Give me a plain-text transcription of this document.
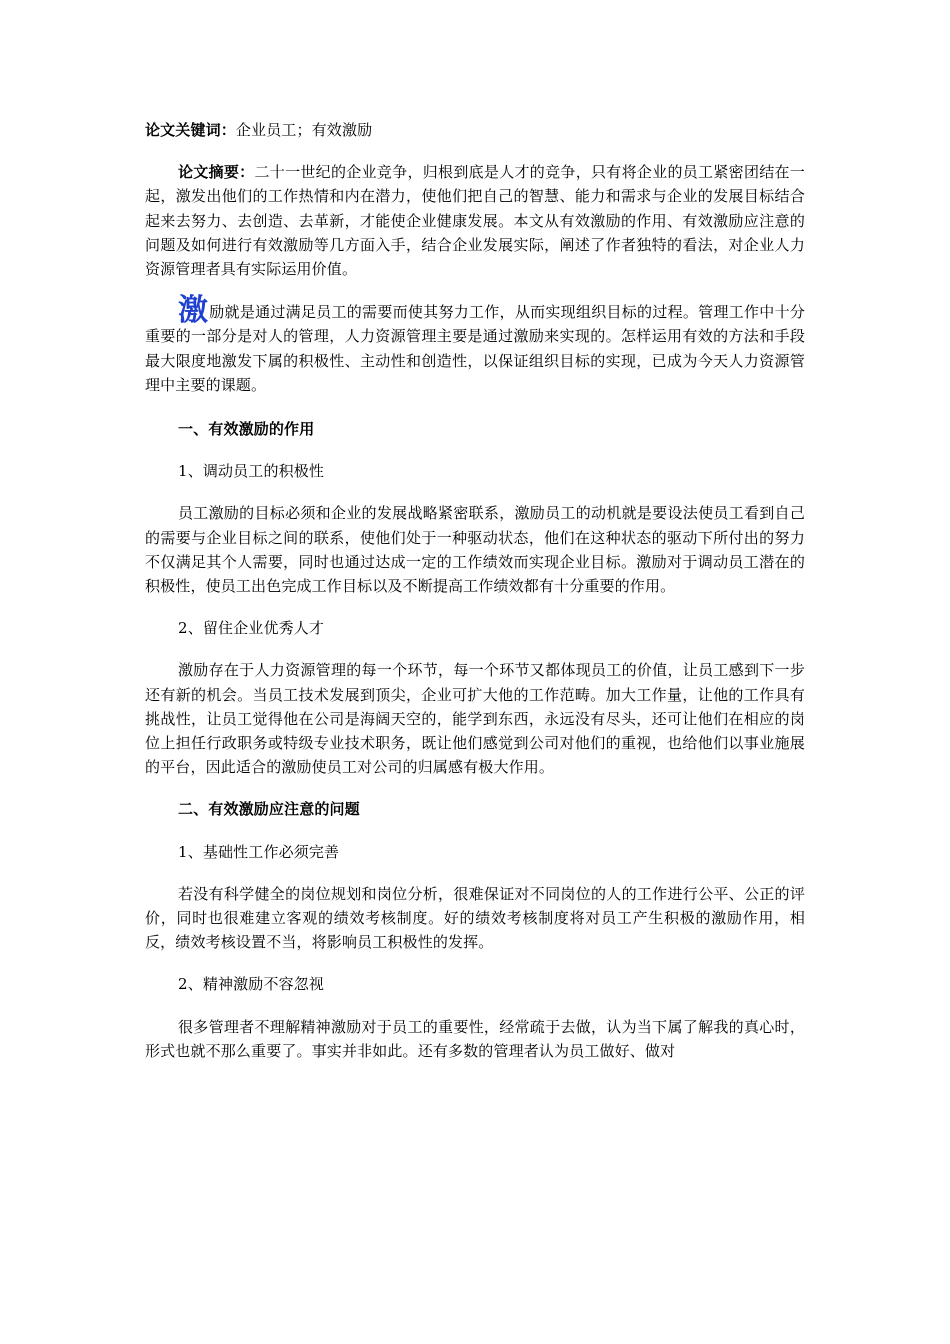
论文关键词：企业员工；有效激励

论文摘要：二十一世纪的企业竞争，归根到底是人才的竞争，只有将企业的员工紧密团结在一起，激发出他们的工作热情和内在潜力，使他们把自己的智慧、能力和需求与企业的发展目标结合起来去努力、去创造、去革新，才能使企业健康发展。本文从有效激励的作用、有效激励应注意的问题及如何进行有效激励等几方面入手，结合企业发展实际，阐述了作者独特的看法，对企业人力资源管理者具有实际运用价值。

激励就是通过满足员工的需要而使其努力工作，从而实现组织目标的过程。管理工作中十分重要的一部分是对人的管理，人力资源管理主要是通过激励来实现的。怎样运用有效的方法和手段最大限度地激发下属的积极性、主动性和创造性，以保证组织目标的实现，已成为今天人力资源管理中主要的课题。

一、有效激励的作用

1、调动员工的积极性

员工激励的目标必须和企业的发展战略紧密联系，激励员工的动机就是要设法使员工看到自己的需要与企业目标之间的联系，使他们处于一种驱动状态，他们在这种状态的驱动下所付出的努力不仅满足其个人需要，同时也通过达成一定的工作绩效而实现企业目标。激励对于调动员工潜在的积极性，使员工出色完成工作目标以及不断提高工作绩效都有十分重要的作用。

2、留住企业优秀人才

激励存在于人力资源管理的每一个环节，每一个环节又都体现员工的价值，让员工感到下一步还有新的机会。当员工技术发展到顶尖，企业可扩大他的工作范畴。加大工作量，让他的工作具有挑战性，让员工觉得他在公司是海阔天空的，能学到东西，永远没有尽头，还可让他们在相应的岗位上担任行政职务或特级专业技术职务，既让他们感觉到公司对他们的重视，也给他们以事业施展的平台，因此适合的激励使员工对公司的归属感有极大作用。

二、有效激励应注意的问题

1、基础性工作必须完善

若没有科学健全的岗位规划和岗位分析，很难保证对不同岗位的人的工作进行公平、公正的评价，同时也很难建立客观的绩效考核制度。好的绩效考核制度将对员工产生积极的激励作用，相反，绩效考核设置不当，将影响员工积极性的发挥。

2、精神激励不容忽视

很多管理者不理解精神激励对于员工的重要性，经常疏于去做，认为当下属了解我的真心时，形式也就不那么重要了。事实并非如此。还有多数的管理者认为员工做好、做对
